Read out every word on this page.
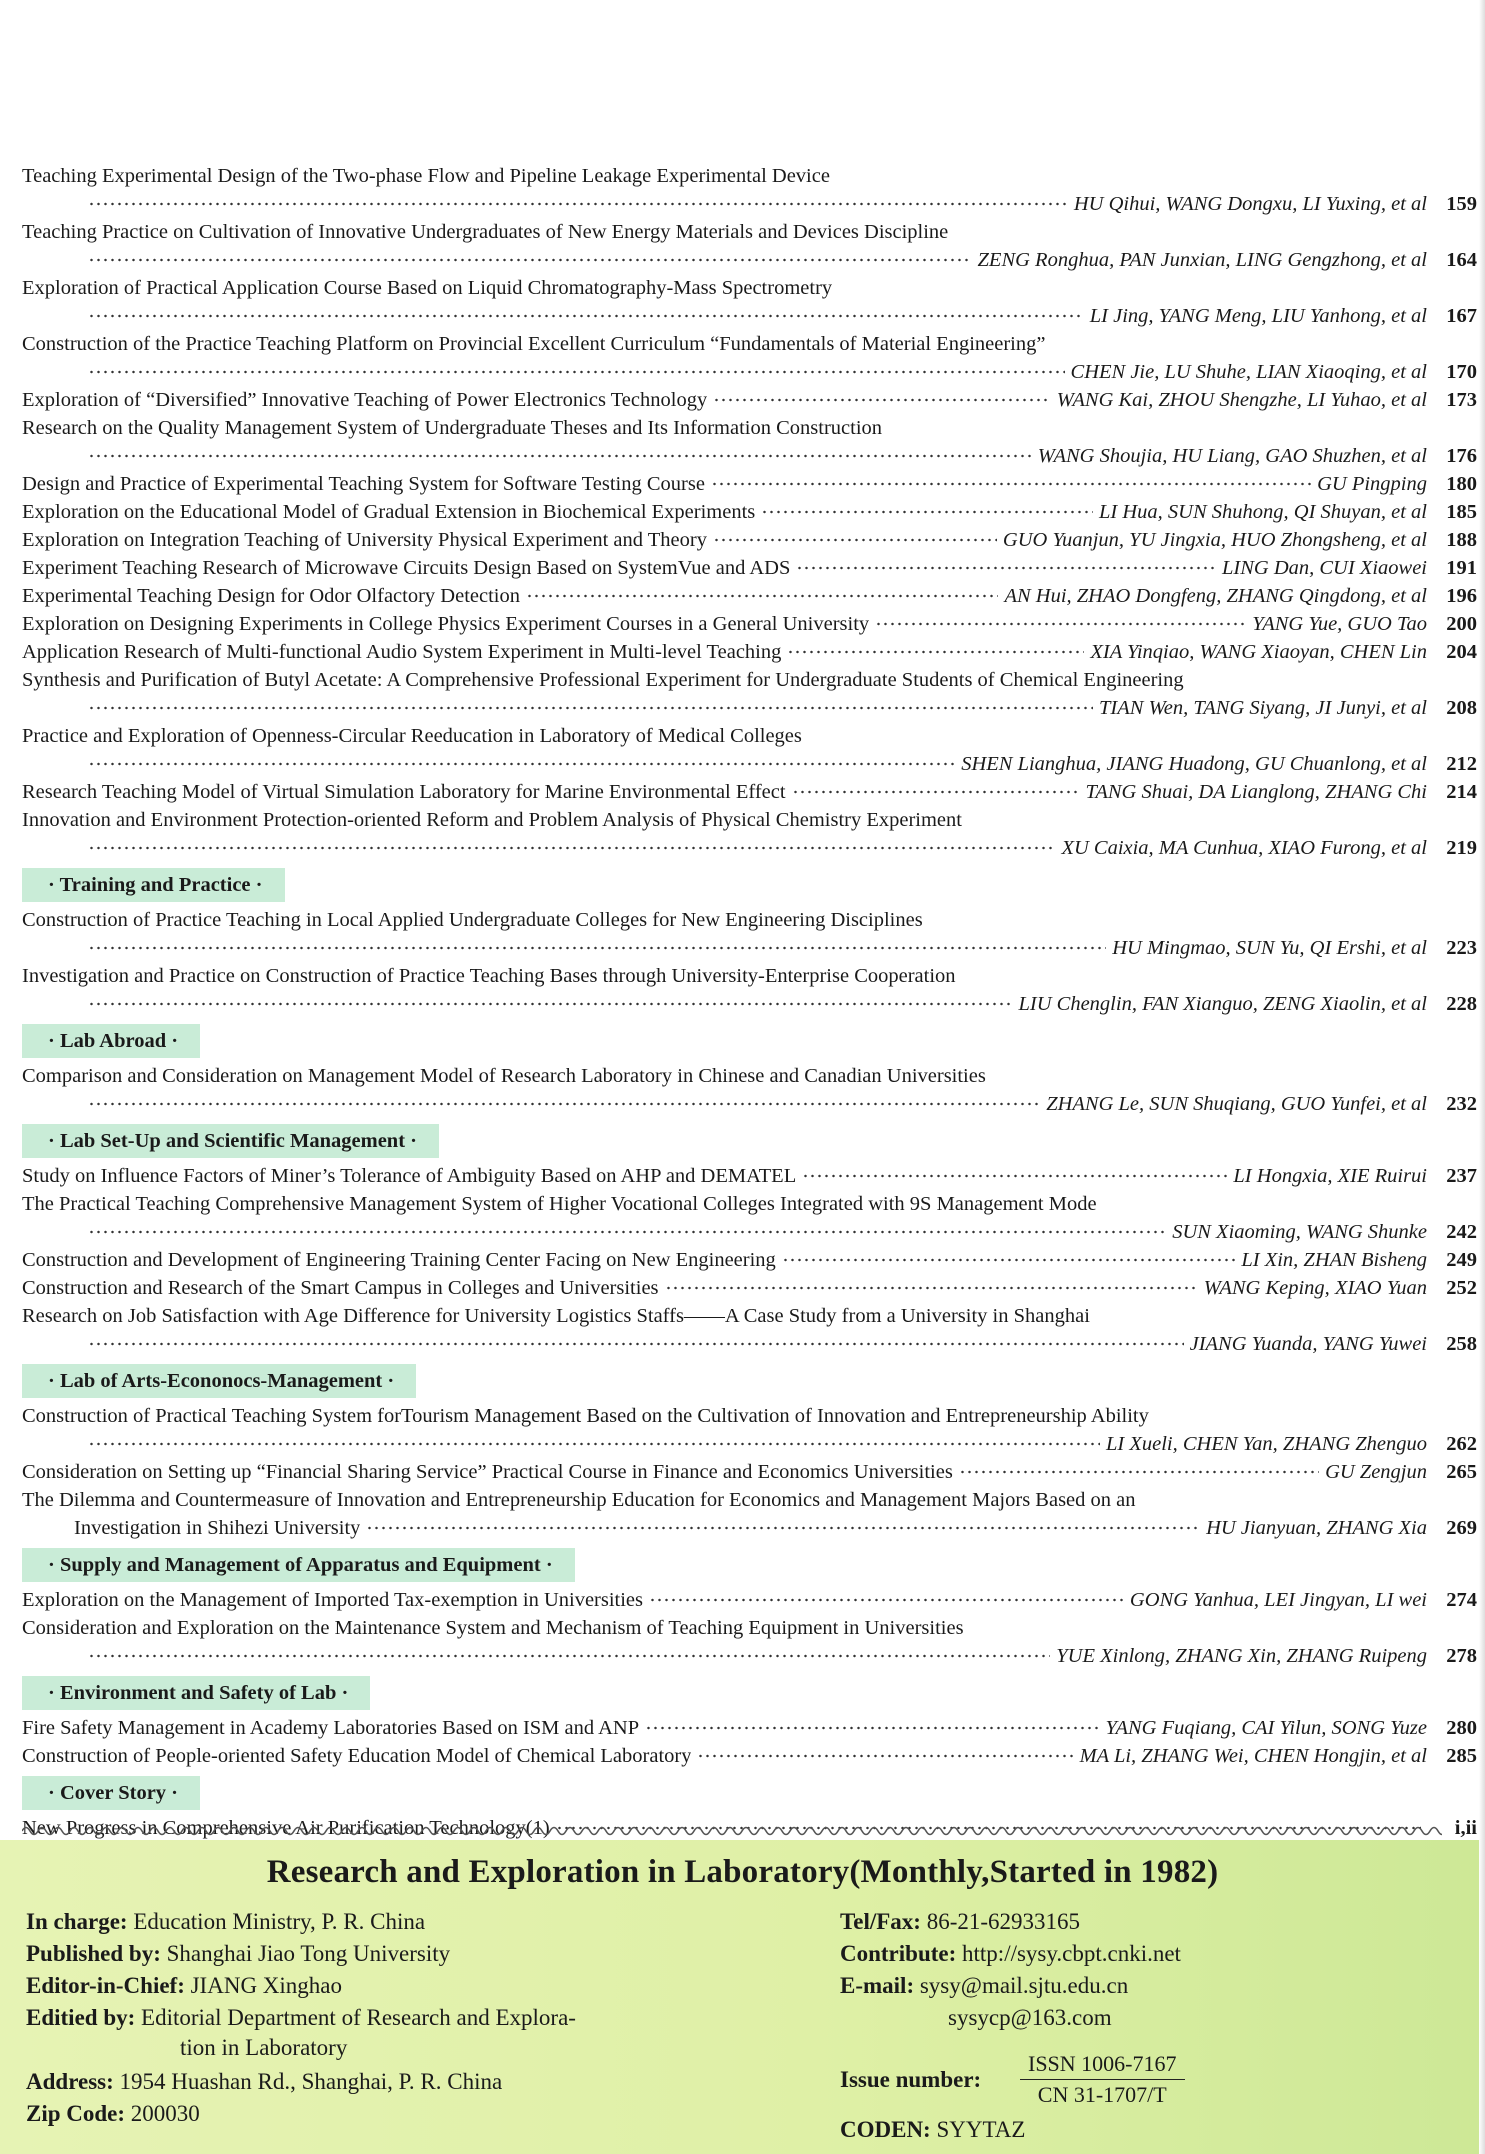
Teaching Experimental Design of the Two-phase Flow and Pipeline Leakage Experimental Device
HU Qihui, WANG Dongxu, LI Yuxing, et al 159
Teaching Practice on Cultivation of Innovative Undergraduates of New Energy Materials and Devices Discipline
ZENG Ronghua, PAN Junxian, LING Gengzhong, et al 164
Exploration of Practical Application Course Based on Liquid Chromatography-Mass Spectrometry
LI Jing, YANG Meng, LIU Yanhong, et al 167
Construction of the Practice Teaching Platform on Provincial Excellent Curriculum “Fundamentals of Material Engineering”
CHEN Jie, LU Shuhe, LIAN Xiaoqing, et al 170
Exploration of “Diversified” Innovative Teaching of Power Electronics Technology	WANG Kai, ZHOU Shengzhe, LI Yuhao, et al 173
Research on the Quality Management System of Undergraduate Theses and Its Information Construction
WANG Shoujia, HU Liang, GAO Shuzhen, et al 176
Design and Practice of Experimental Teaching System for Software Testing Course	GU Pingping 180
Exploration on the Educational Model of Gradual Extension in Biochemical Experiments	LI Hua, SUN Shuhong, QI Shuyan, et al 185
Exploration on Integration Teaching of University Physical Experiment and Theory	GUO Yuanjun, YU Jingxia, HUO Zhongsheng, et al 188
Experiment Teaching Research of Microwave Circuits Design Based on SystemVue and ADS	LING Dan, CUI Xiaowei 191
Experimental Teaching Design for Odor Olfactory Detection	AN Hui, ZHAO Dongfeng, ZHANG Qingdong, et al 196
Exploration on Designing Experiments in College Physics Experiment Courses in a General University	YANG Yue, GUO Tao 200
Application Research of Multi-functional Audio System Experiment in Multi-level Teaching	XIA Yinqiao, WANG Xiaoyan, CHEN Lin 204
Synthesis and Purification of Butyl Acetate: A Comprehensive Professional Experiment for Undergraduate Students of Chemical Engineering
TIAN Wen, TANG Siyang, JI Junyi, et al 208
Practice and Exploration of Openness-Circular Reeducation in Laboratory of Medical Colleges
SHEN Lianghua, JIANG Huadong, GU Chuanlong, et al 212
Research Teaching Model of Virtual Simulation Laboratory for Marine Environmental Effect	TANG Shuai, DA Lianglong, ZHANG Chi 214
Innovation and Environment Protection-oriented Reform and Problem Analysis of Physical Chemistry Experiment
XU Caixia, MA Cunhua, XIAO Furong, et al 219
· Training and Practice ·
Construction of Practice Teaching in Local Applied Undergraduate Colleges for New Engineering Disciplines
HU Mingmao, SUN Yu, QI Ershi, et al 223
Investigation and Practice on Construction of Practice Teaching Bases through University-Enterprise Cooperation
LIU Chenglin, FAN Xianguo, ZENG Xiaolin, et al 228
· Lab Abroad ·
Comparison and Consideration on Management Model of Research Laboratory in Chinese and Canadian Universities
ZHANG Le, SUN Shuqiang, GUO Yunfei, et al 232
· Lab Set-Up and Scientific Management ·
Study on Influence Factors of Miner’s Tolerance of Ambiguity Based on AHP and DEMATEL	LI Hongxia, XIE Ruirui 237
The Practical Teaching Comprehensive Management System of Higher Vocational Colleges Integrated with 9S Management Mode
SUN Xiaoming, WANG Shunke 242
Construction and Development of Engineering Training Center Facing on New Engineering	LI Xin, ZHAN Bisheng 249
Construction and Research of the Smart Campus in Colleges and Universities	WANG Keping, XIAO Yuan 252
Research on Job Satisfaction with Age Difference for University Logistics Staffs——A Case Study from a University in Shanghai
JIANG Yuanda, YANG Yuwei 258
· Lab of Arts-Econonocs-Management ·
Construction of Practical Teaching System forTourism Management Based on the Cultivation of Innovation and Entrepreneurship Ability
LI Xueli, CHEN Yan, ZHANG Zhenguo 262
Consideration on Setting up “Financial Sharing Service” Practical Course in Finance and Economics Universities	GU Zengjun 265
The Dilemma and Countermeasure of Innovation and Entrepreneurship Education for Economics and Management Majors Based on an
Investigation in Shihezi University	HU Jianyuan, ZHANG Xia 269
· Supply and Management of Apparatus and Equipment ·
Exploration on the Management of Imported Tax-exemption in Universities	GONG Yanhua, LEI Jingyan, LI wei 274
Consideration and Exploration on the Maintenance System and Mechanism of Teaching Equipment in Universities
YUE Xinlong, ZHANG Xin, ZHANG Ruipeng 278
· Environment and Safety of Lab ·
Fire Safety Management in Academy Laboratories Based on ISM and ANP	YANG Fuqiang, CAI Yilun, SONG Yuze 280
Construction of People-oriented Safety Education Model of Chemical Laboratory	MA Li, ZHANG Wei, CHEN Hongjin, et al 285
· Cover Story ·
New Progress in Comprehensive Air Purification Technology(1)	i,ii
Research and Exploration in Laboratory(Monthly,Started in 1982)
In charge: Education Ministry, P. R. China
Published by: Shanghai Jiao Tong University
Editor-in-Chief: JIANG Xinghao
Editied by: Editorial Department of Research and Explora-
tion in Laboratory
Address: 1954 Huashan Rd., Shanghai, P. R. China
Zip Code: 200030
Tel/Fax: 86-21-62933165
Contribute: http://sysy.cbpt.cnki.net
E-mail: sysy@mail.sjtu.edu.cn
sysycp@163.com
Issue number:
ISSN 1006-7167
CN 31-1707/T
CODEN: SYYTAZ
